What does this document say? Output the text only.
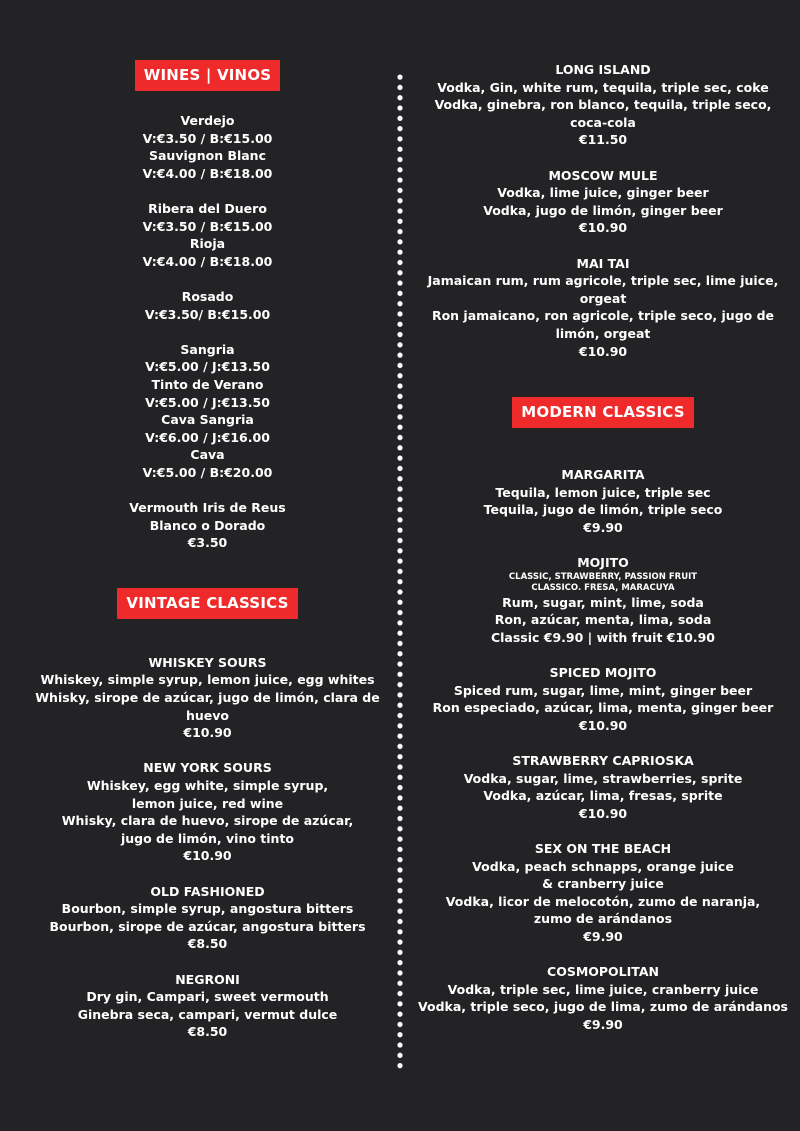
WINES | VINOS
Verdejo
V:€3.50 / B:€15.00
Sauvignon Blanc
V:€4.00 / B:€18.00
Ribera del Duero
V:€3.50 / B:€15.00
Rioja
V:€4.00 / B:€18.00
Rosado
V:€3.50/ B:€15.00
Sangria
V:€5.00 / J:€13.50
Tinto de Verano
V:€5.00 / J:€13.50
Cava Sangria
V:€6.00 / J:€16.00
Cava
V:€5.00 / B:€20.00
Vermouth Iris de Reus
Blanco o Dorado
€3.50
VINTAGE CLASSICS
WHISKEY SOURS
Whiskey, simple syrup, lemon juice, egg whites
Whisky, sirope de azúcar, jugo de limón, clara de
huevo
€10.90
NEW YORK SOURS
Whiskey, egg white, simple syrup,
lemon juice, red wine
Whisky, clara de huevo, sirope de azúcar,
jugo de limón, vino tinto
€10.90
OLD FASHIONED
Bourbon, simple syrup, angostura bitters
Bourbon, sirope de azúcar, angostura bitters
€8.50
NEGRONI
Dry gin, Campari, sweet vermouth
Ginebra seca, campari, vermut dulce
€8.50
LONG ISLAND
Vodka, Gin, white rum, tequila, triple sec, coke
Vodka, ginebra, ron blanco, tequila, triple seco,
coca-cola
€11.50
MOSCOW MULE
Vodka, lime juice, ginger beer
Vodka, jugo de limón, ginger beer
€10.90
MAI TAI
Jamaican rum, rum agricole, triple sec, lime juice,
orgeat
Ron jamaicano, ron agricole, triple seco, jugo de
limón, orgeat
€10.90
MODERN CLASSICS
MARGARITA
Tequila, lemon juice, triple sec
Tequila, jugo de limón, triple seco
€9.90
MOJITO
CLASSIC, STRAWBERRY, PASSION FRUIT
CLASSICO. FRESA, MARACUYA
Rum, sugar, mint, lime, soda
Ron, azúcar, menta, lima, soda
Classic €9.90 | with fruit €10.90
SPICED MOJITO
Spiced rum, sugar, lime, mint, ginger beer
Ron especiado, azúcar, lima, menta, ginger beer
€10.90
STRAWBERRY CAPRIOSKA
Vodka, sugar, lime, strawberries, sprite
Vodka, azúcar, lima, fresas, sprite
€10.90
SEX ON THE BEACH
Vodka, peach schnapps, orange juice
& cranberry juice
Vodka, licor de melocotón, zumo de naranja,
zumo de arándanos
€9.90
COSMOPOLITAN
Vodka, triple sec, lime juice, cranberry juice
Vodka, triple seco, jugo de lima, zumo de arándanos
€9.90
